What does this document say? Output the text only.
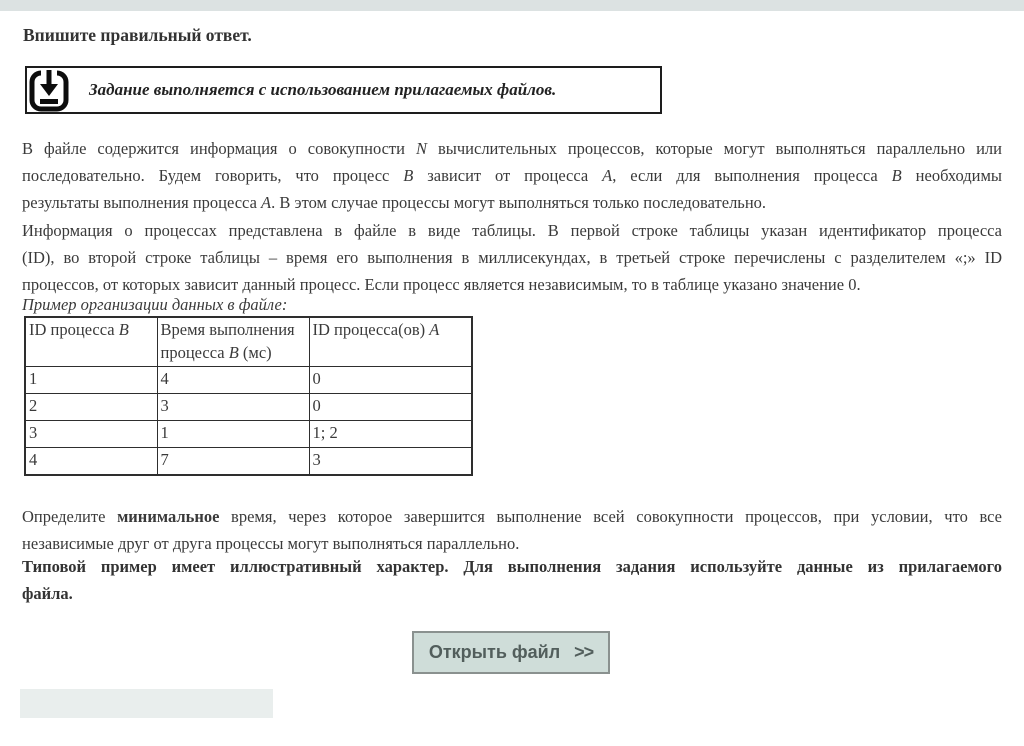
Впишите правильный ответ.
Задание выполняется с использованием прилагаемых файлов.
В файле содержится информация о совокупности N вычислительных процессов, которые могут выполняться параллельно или
последовательно. Будем говорить, что процесс B зависит от процесса A, если для выполнения процесса B необходимы
результаты выполнения процесса A. В этом случае процессы могут выполняться только последовательно.
Информация о процессах представлена в файле в виде таблицы. В первой строке таблицы указан идентификатор процесса
(ID), во второй строке таблицы – время его выполнения в миллисекундах, в третьей строке перечислены с разделителем «;» ID
процессов, от которых зависит данный процесс. Если процесс является независимым, то в таблице указано значение 0.
Пример организации данных в файле:
ID процесса B	Время выполнения процесса B (мс)	ID процесса(ов) A
1	4	0
2	3	0
3	1	1; 2
4	7	3
Определите минимальное время, через которое завершится выполнение всей совокупности процессов, при условии, что все
независимые друг от друга процессы могут выполняться параллельно.
Типовой пример имеет иллюстративный характер. Для выполнения задания используйте данные из прилагаемого
файла.
Открыть файл >>
